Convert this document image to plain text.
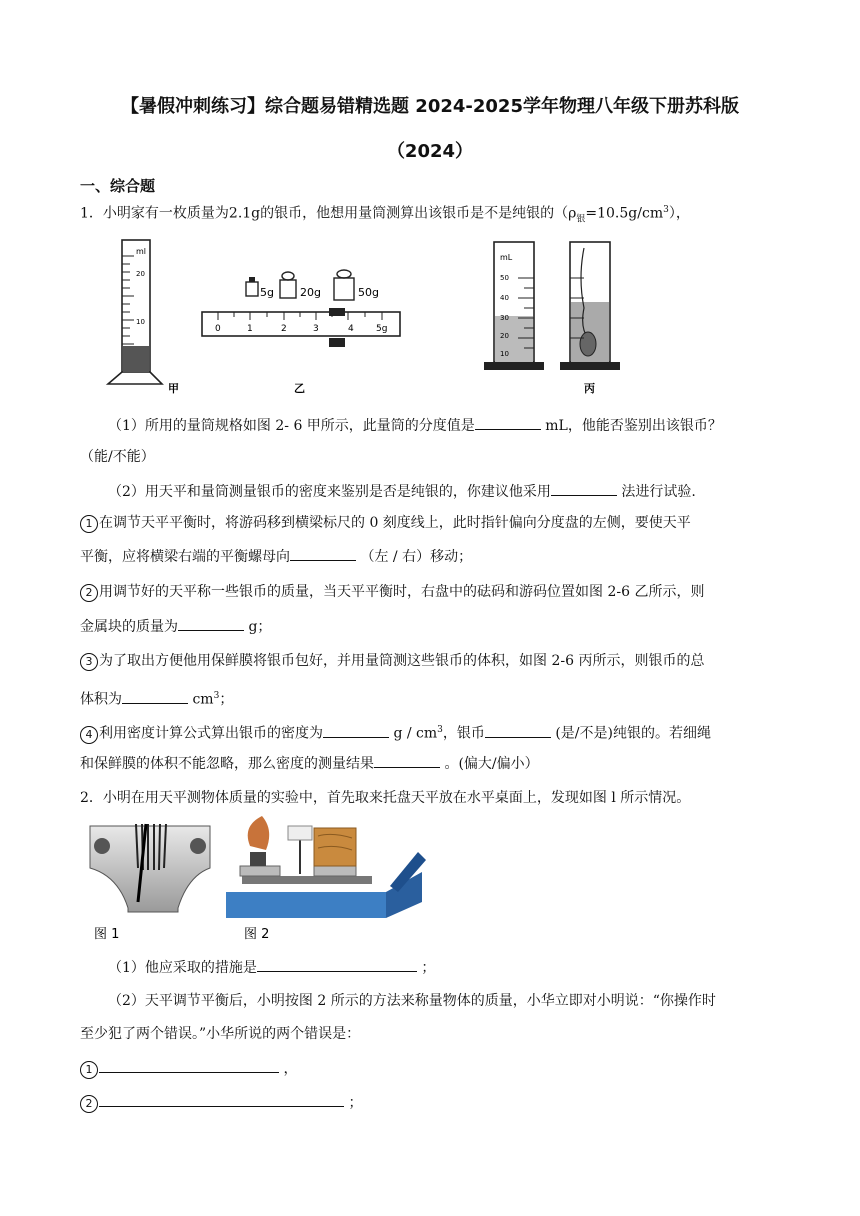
【暑假冲刺练习】综合题易错精选题 2024-2025学年物理八年级下册苏科版
（2024）
一、综合题
1．小明家有一枚质量为2.1g的银币，他想用量筒测算出该银币是不是纯银的$(\rho_银=10.5g/cm^3)$，
ml
20
10
甲
5g 20g	50g
0	1	2	3	4 5g
乙
mL
50
40
30
20
10
丙
（1）所用的量筒规格如图 2- 6 甲所示，此量筒的分度值是	mL，他能否鉴别出该银币？
（能/不能）
（2）用天平和量筒测量银币的密度来鉴别是否是纯银的，你建议他采用	法进行试验.
1 在调节天平平衡时，将游码移到横梁标尺的 0 刻度线上，此时指针偏向分度盘的左侧，要使天平
平衡，应将横梁右端的平衡螺母向	（左 / 右）移动；
2 用调节好的天平称一些银币的质量，当天平平衡时，右盘中的砝码和游码位置如图 2-6 乙所示，则
金属块的质量为	g；
3 为了取出方便他用保鲜膜将银币包好，并用量筒测这些银币的体积，如图 2-6 丙所示，则银币的总
体积为	$cm^3$；
4 利用密度计算公式算出银币的密度为	g / $cm^3$，银币	(是/不是)纯银的。若细绳
和保鲜膜的体积不能忽略，那么密度的测量结果	。(偏大/偏小）
2．小明在用天平测物体质量的实验中，首先取来托盘天平放在水平桌面上，发现如图 l 所示情况。
图 1	图 2
（1）他应采取的措施是	；
（2）天平调节平衡后，小明按图 2 所示的方法来称量物体的质量，小华立即对小明说：“你操作时
至少犯了两个错误。”小华所说的两个错误是：
1	，
2	；
